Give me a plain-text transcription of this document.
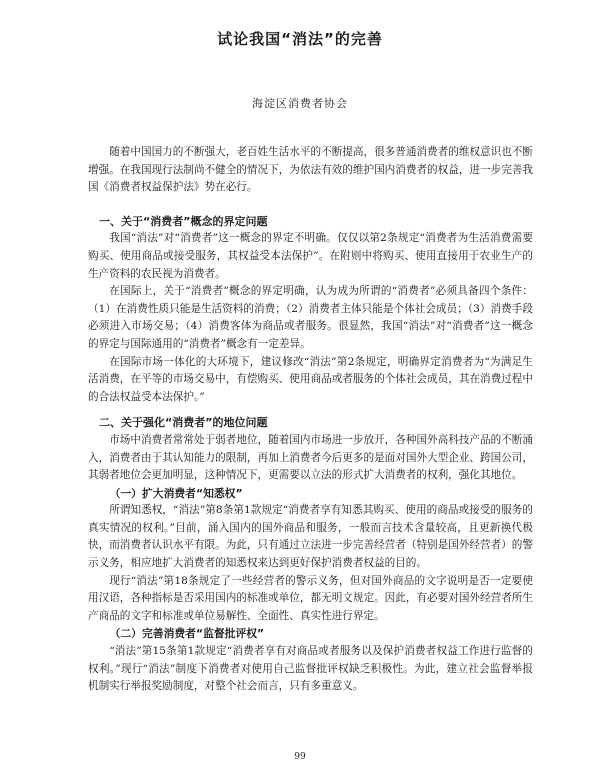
试论我国“消法”的完善

海淀区消费者协会

随着中国国力的不断强大，老百姓生活水平的不断提高，很多普通消费者的维权意识也不断增强。在我国现行法制尚不健全的情况下，为依法有效的维护国内消费者的权益，进一步完善我国《消费者权益保护法》势在必行。

一、关于“消费者”概念的界定问题

我国“消法”对“消费者”这一概念的界定不明确。仅仅以第2条规定“消费者为生活消费需要购买、使用商品或接受服务，其权益受本法保护”。在附则中将购买、使用直接用于农业生产的生产资料的农民视为消费者。

在国际上，关于“消费者”概念的界定明确，认为成为所谓的“消费者”必须具备四个条件：（1）在消费性质只能是生活资料的消费；（2）消费者主体只能是个体社会成员；（3）消费手段必须进入市场交易；（4）消费客体为商品或者服务。很显然，我国“消法”对“消费者”这一概念的界定与国际通用的“消费者”概念有一定差异。

在国际市场一体化的大环境下，建议修改“消法”第2条规定，明确界定消费者为“为满足生活消费，在平等的市场交易中，有偿购买、使用商品或者服务的个体社会成员，其在消费过程中的合法权益受本法保护。”

二、关于强化“消费者”的地位问题

市场中消费者常常处于弱者地位，随着国内市场进一步放开，各种国外高科技产品的不断涌入，消费者由于其认知能力的限制，再加上消费者今后更多的是面对国外大型企业、跨国公司，其弱者地位会更加明显，这种情况下，更需要以立法的形式扩大消费者的权利，强化其地位。

（一）扩大消费者“知悉权”

所谓知悉权，“消法”第8条第1款规定“消费者享有知悉其购买、使用的商品或接受的服务的真实情况的权利。”目前，涌入国内的国外商品和服务，一般而言技术含量较高，且更新换代极快，而消费者认识水平有限。为此，只有通过立法进一步完善经营者（特别是国外经营者）的警示义务，相应地扩大消费者的知悉权来达到更好保护消费者权益的目的。

现行“消法”第18条规定了一些经营者的警示义务，但对国外商品的文字说明是否一定要使用汉语，各种指标是否采用国内的标准或单位，都无明文规定。因此，有必要对国外经营者所生产商品的文字和标准或单位易解性、全面性、真实性进行界定。

（二）完善消费者“监督批评权”

“消法”第15条第1款规定“消费者享有对商品或者服务以及保护消费者权益工作进行监督的权利。”现行“消法”制度下消费者对使用自己监督批评权缺乏积极性。为此，建立社会监督举报机制实行举报奖励制度，对整个社会而言，只有多重意义。

99
